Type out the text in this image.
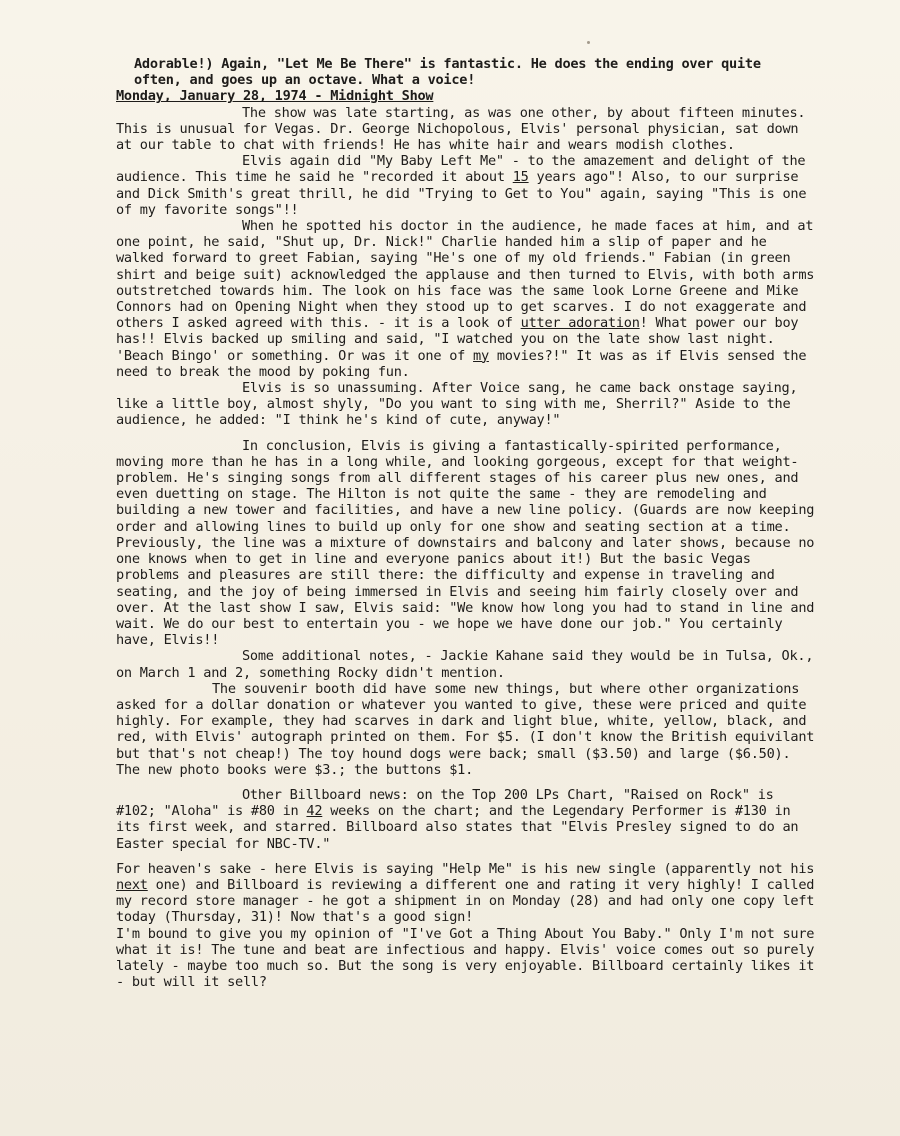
Adorable!) Again, "Let Me Be There" is fantastic. He does the ending over quite often, and goes up an octave. What a voice!

Monday, January 28, 1974 - Midnight Show

The show was late starting, as was one other, by about fifteen minutes. This is unusual for Vegas. Dr. George Nichopolous, Elvis' personal physician, sat down at our table to chat with friends! He has white hair and wears modish clothes.

Elvis again did "My Baby Left Me" - to the amazement and delight of the audience. This time he said he "recorded it about 15 years ago"! Also, to our surprise and Dick Smith's great thrill, he did "Trying to Get to You" again, saying "This is one of my favorite songs"!!

When he spotted his doctor in the audience, he made faces at him, and at one point, he said, "Shut up, Dr. Nick!" Charlie handed him a slip of paper and he walked forward to greet Fabian, saying "He's one of my old friends." Fabian (in green shirt and beige suit) acknowledged the applause and then turned to Elvis, with both arms outstretched towards him. The look on his face was the same look Lorne Greene and Mike Connors had on Opening Night when they stood up to get scarves. I do not exaggerate and others I asked agreed with this. - it is a look of utter adoration! What power our boy has!! Elvis backed up smiling and said, "I watched you on the late show last night. 'Beach Bingo' or something. Or was it one of my movies?!" It was as if Elvis sensed the need to break the mood by poking fun.

Elvis is so unassuming. After Voice sang, he came back onstage saying, like a little boy, almost shyly, "Do you want to sing with me, Sherril?" Aside to the audience, he added: "I think he's kind of cute, anyway!"

In conclusion, Elvis is giving a fantastically-spirited performance, moving more than he has in a long while, and looking gorgeous, except for that weight-problem. He's singing songs from all different stages of his career plus new ones, and even duetting on stage. The Hilton is not quite the same - they are remodeling and building a new tower and facilities, and have a new line policy. (Guards are now keeping order and allowing lines to build up only for one show and seating section at a time. Previously, the line was a mixture of downstairs and balcony and later shows, because no one knows when to get in line and everyone panics about it!) But the basic Vegas problems and pleasures are still there: the difficulty and expense in traveling and seating, and the joy of being immersed in Elvis and seeing him fairly closely over and over. At the last show I saw, Elvis said: "We know how long you had to stand in line and wait. We do our best to entertain you - we hope we have done our job." You certainly have, Elvis!!

Some additional notes, - Jackie Kahane said they would be in Tulsa, Ok., on March 1 and 2, something Rocky didn't mention.

The souvenir booth did have some new things, but where other organizations asked for a dollar donation or whatever you wanted to give, these were priced and quite highly. For example, they had scarves in dark and light blue, white, yellow, black, and red, with Elvis' autograph printed on them. For $5. (I don't know the British equivilant but that's not cheap!) The toy hound dogs were back; small ($3.50) and large ($6.50). The new photo books were $3.; the buttons $1.

Other Billboard news: on the Top 200 LPs Chart, "Raised on Rock" is #102; "Aloha" is #80 in 42 weeks on the chart; and the Legendary Performer is #130 in its first week, and starred. Billboard also states that "Elvis Presley signed to do an Easter special for NBC-TV."

For heaven's sake - here Elvis is saying "Help Me" is his new single (apparently not his next one) and Billboard is reviewing a different one and rating it very highly! I called my record store manager - he got a shipment in on Monday (28) and had only one copy left today (Thursday, 31)! Now that's a good sign!

I'm bound to give you my opinion of "I've Got a Thing About You Baby." Only I'm not sure what it is! The tune and beat are infectious and happy. Elvis' voice comes out so purely lately - maybe too much so. But the song is very enjoyable. Billboard certainly likes it - but will it sell?
